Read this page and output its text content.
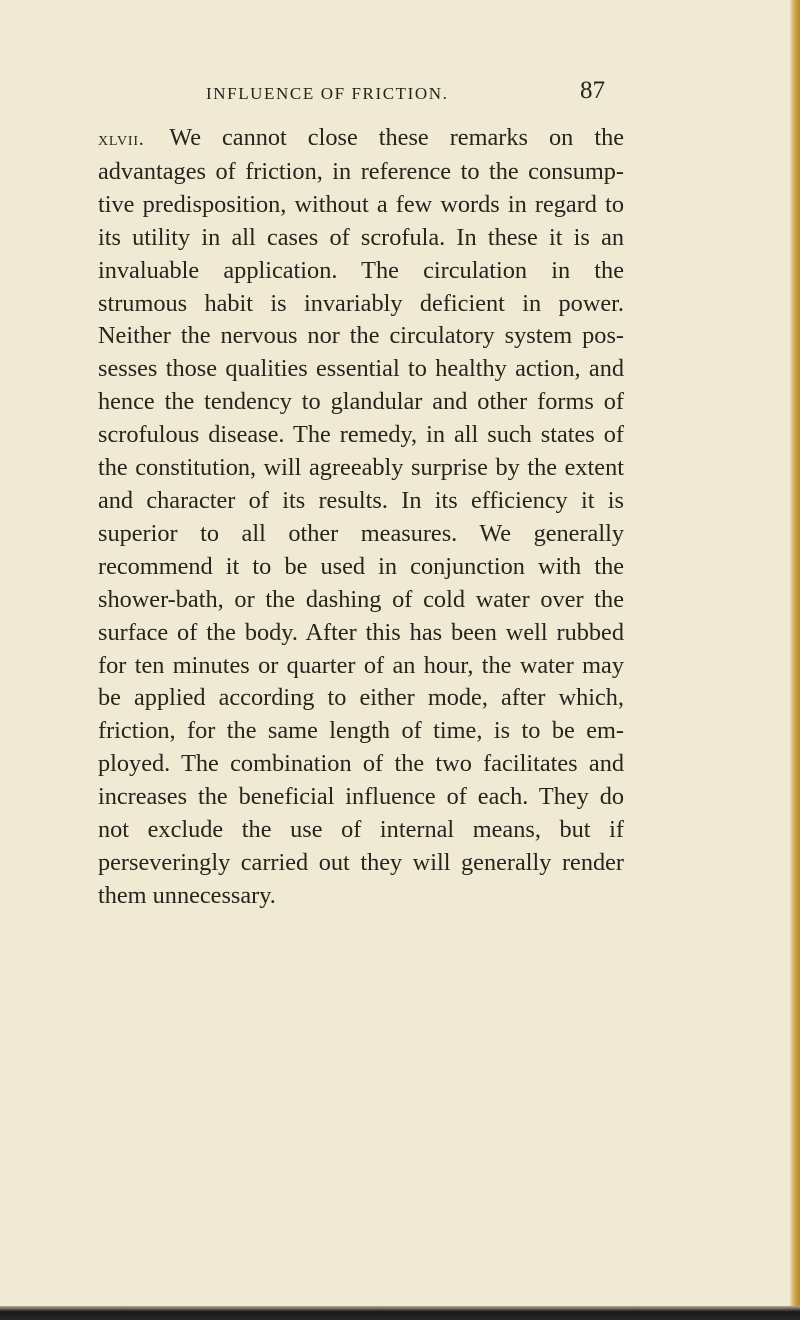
INFLUENCE OF FRICTION.	87
xlvii. We cannot close these remarks on the advantages of friction, in reference to the consump-tive predisposition, without a few words in regard to its utility in all cases of scrofula. In these it is an invaluable application. The circulation in the strumous habit is invariably deficient in power. Neither the nervous nor the circulatory system pos-sesses those qualities essential to healthy action, and hence the tendency to glandular and other forms of scrofulous disease. The remedy, in all such states of the constitution, will agreeably surprise by the extent and character of its results. In its efficiency it is superior to all other measures. We generally recommend it to be used in conjunction with the shower-bath, or the dashing of cold water over the surface of the body. After this has been well rubbed for ten minutes or quarter of an hour, the water may be applied according to either mode, after which, friction, for the same length of time, is to be em-ployed. The combination of the two facilitates and increases the beneficial influence of each. They do not exclude the use of internal means, but if perseveringly carried out they will generally render them unnecessary.
